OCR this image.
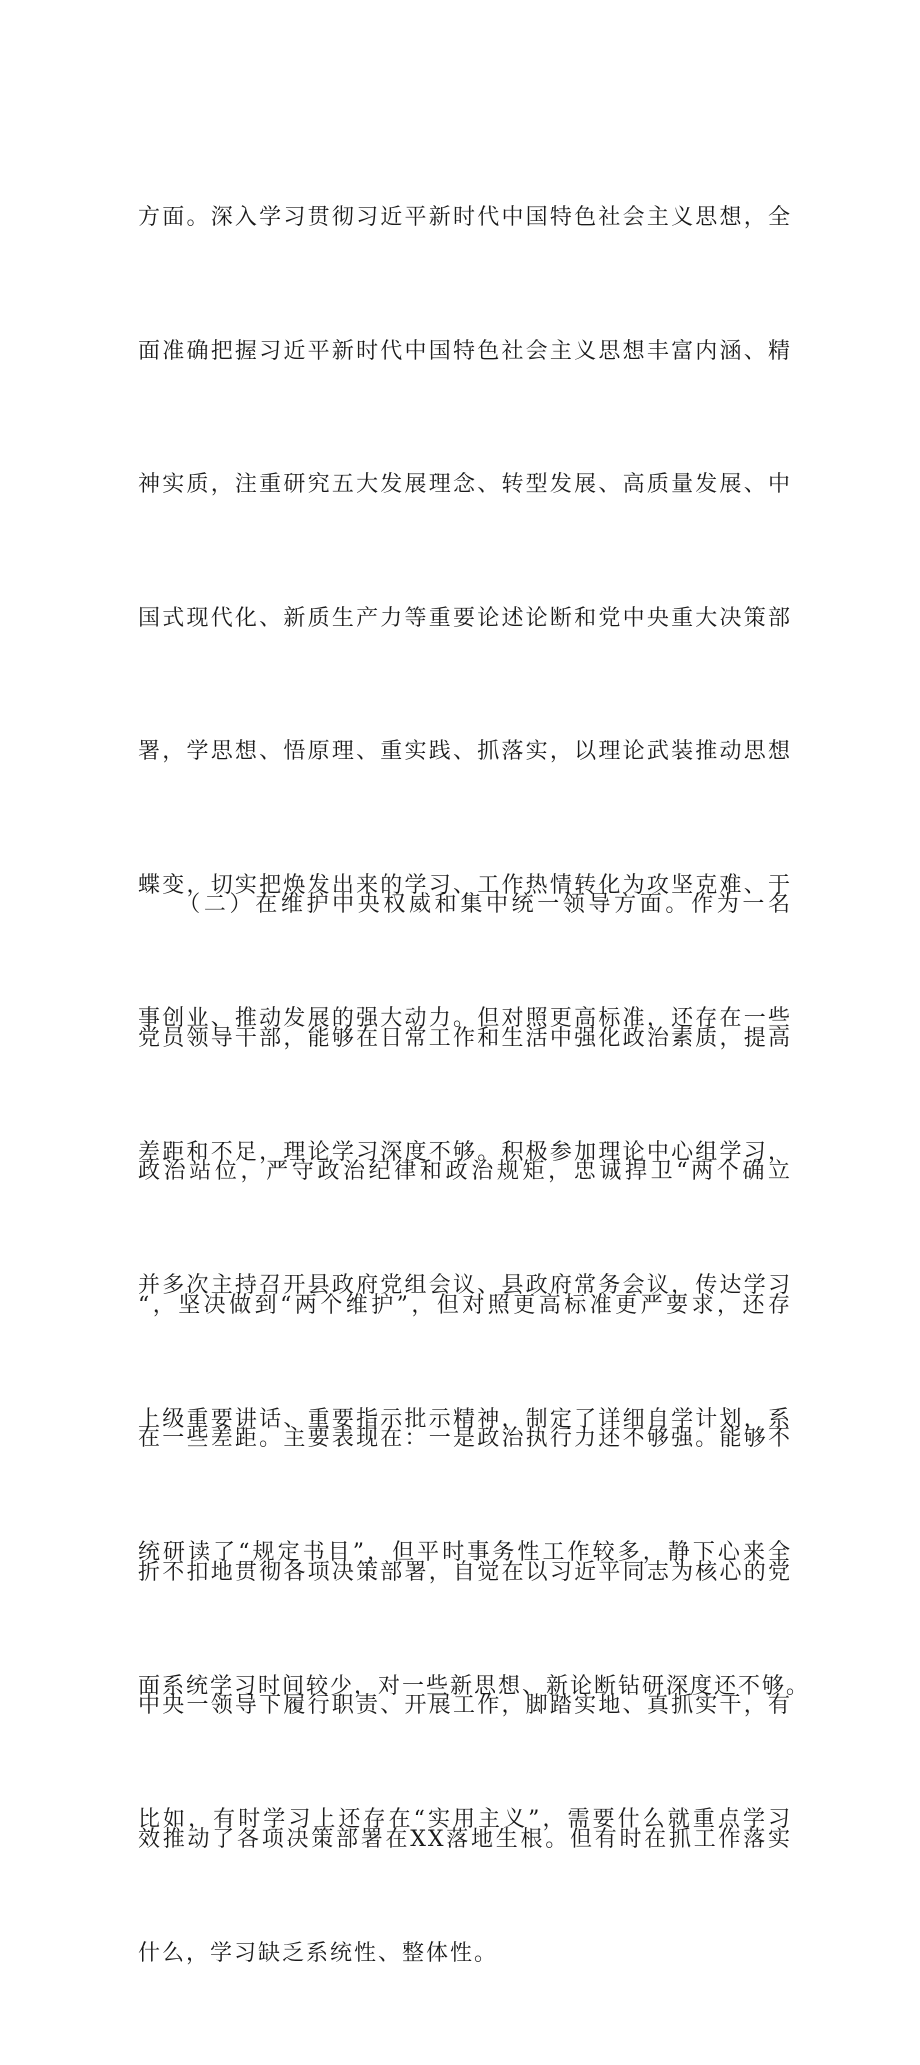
方面。深入学习贯彻习近平新时代中国特色社会主义思想，全

面准确把握习近平新时代中国特色社会主义思想丰富内涵、精

神实质，注重研究五大发展理念、转型发展、高质量发展、中

国式现代化、新质生产力等重要论述论断和党中央重大决策部

署，学思想、悟原理、重实践、抓落实，以理论武装推动思想

蝶变，切实把焕发出来的学习、工作热情转化为攻坚克难、干

事创业、推动发展的强大动力。但对照更高标准，还存在一些

差距和不足，理论学习深度不够。积极参加理论中心组学习，

并多次主持召开县政府党组会议、县政府常务会议，传达学习

上级重要讲话、重要指示批示精神，制定了详细自学计划，系

统研读了“规定书目”，但平时事务性工作较多，静下心来全

面系统学习时间较少，对一些新思想、新论断钻研深度还不够。

比如，有时学习上还存在“实用主义”，需要什么就重点学习

什么，学习缺乏系统性、整体性。

　　（二）在维护中央权威和集中统一领导方面。作为一名

党员领导干部，能够在日常工作和生活中强化政治素质，提高

政治站位，严守政治纪律和政治规矩，忠诚捍卫“两个确立

“，坚决做到“两个维护”，但对照更高标准更严要求，还存

在一些差距。主要表现在：一是政治执行力还不够强。能够不

折不扣地贯彻各项决策部署，自觉在以习近平同志为核心的党

中央一领导下履行职责、开展工作，脚踏实地、真抓实干，有

效推动了各项决策部署在XX落地生根。但有时在抓工作落实
